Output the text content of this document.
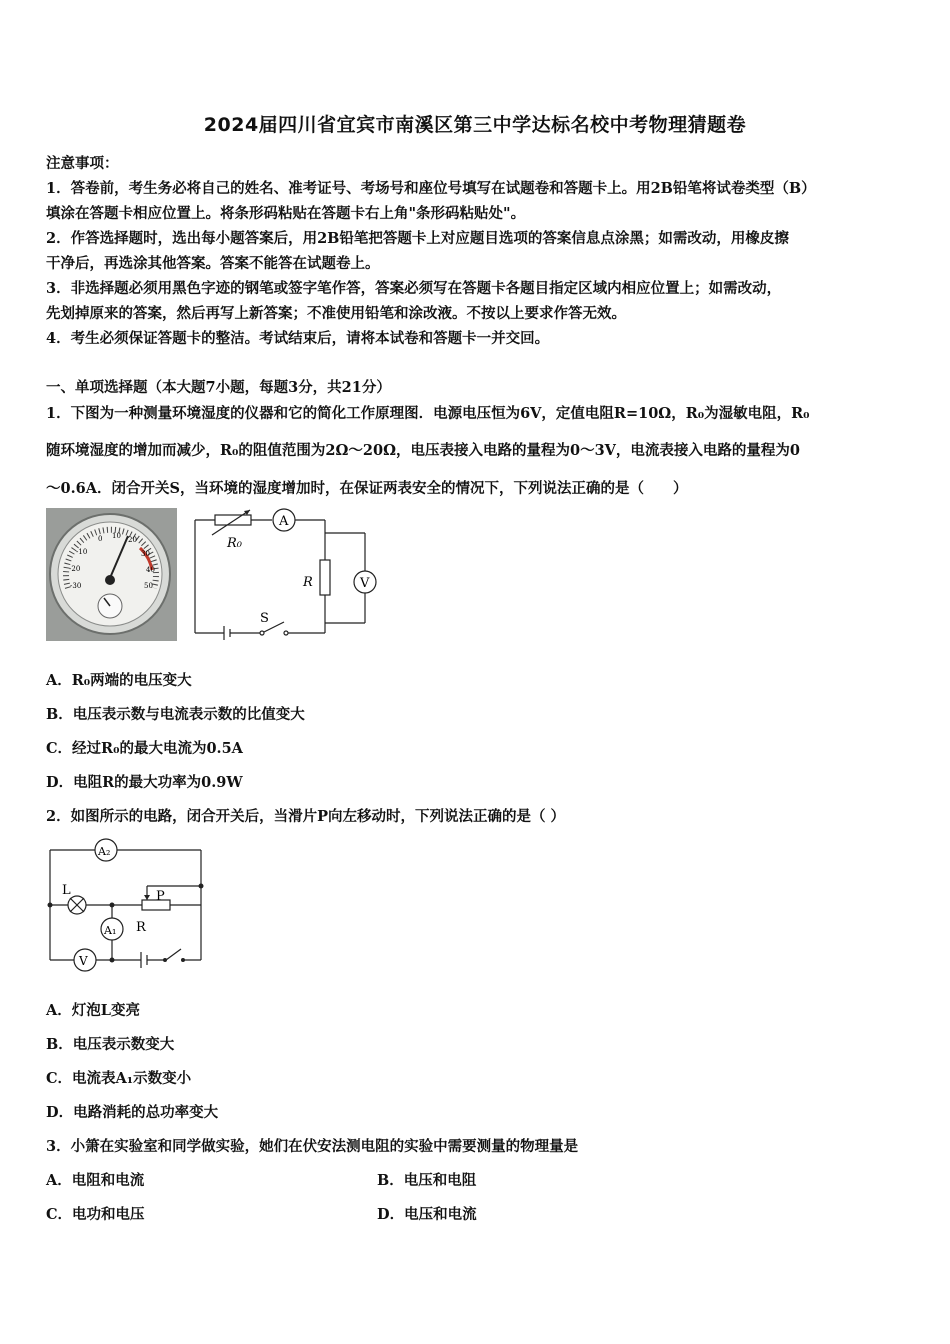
2024届四川省宜宾市南溪区第三中学达标名校中考物理猜题卷
注意事项：
1．答卷前，考生务必将自己的姓名、准考证号、考场号和座位号填写在试题卷和答题卡上。用2B铅笔将试卷类型（B）
填涂在答题卡相应位置上。将条形码粘贴在答题卡右上角"条形码粘贴处"。
2．作答选择题时，选出每小题答案后，用2B铅笔把答题卡上对应题目选项的答案信息点涂黑；如需改动，用橡皮擦
干净后，再选涂其他答案。答案不能答在试题卷上。
3．非选择题必须用黑色字迹的钢笔或签字笔作答，答案必须写在答题卡各题目指定区域内相应位置上；如需改动，
先划掉原来的答案，然后再写上新答案；不准使用铅笔和涂改液。不按以上要求作答无效。
4．考生必须保证答题卡的整洁。考试结束后，请将本试卷和答题卡一并交回。
一、单项选择题（本大题7小题，每题3分，共21分）
1．下图为一种测量环境湿度的仪器和它的简化工作原理图．电源电压恒为6V，定值电阻R=10Ω，R₀为湿敏电阻，R₀
随环境湿度的增加而减少，R₀的阻值范围为2Ω～20Ω，电压表接入电路的量程为0～3V，电流表接入电路的量程为0
～0.6A．闭合开关S，当环境的湿度增加时，在保证两表安全的情况下，下列说法正确的是（　　）
0 10 20
30
40
50
-10
-20
-30
R₀
A
R	V
S
A．R₀两端的电压变大
B．电压表示数与电流表示数的比值变大
C．经过R₀的最大电流为0.5A
D．电阻R的最大功率为0.9W
2．如图所示的电路，闭合开关后，当滑片P向左移动时，下列说法正确的是（ ）
A₂
L	P
A₁ R
V
A．灯泡L变亮
B．电压表示数变大
C．电流表A₁示数变小
D．电路消耗的总功率变大
3．小箫在实验室和同学做实验，她们在伏安法测电阻的实验中需要测量的物理量是
A．电阻和电流	B．电压和电阻
C．电功和电压	D．电压和电流
